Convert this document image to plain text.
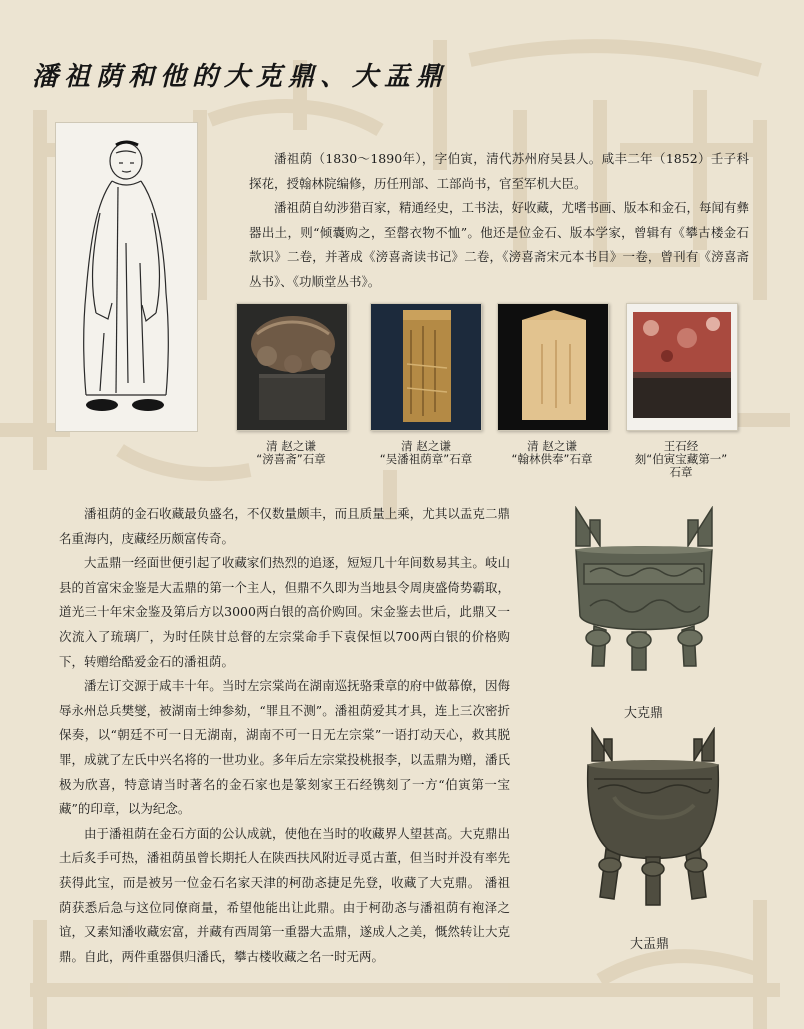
潘祖荫和他的大克鼎、大盂鼎

潘祖荫（1830～1890年），字伯寅，清代苏州府吴县人。咸丰二年（1852）壬子科探花，授翰林院编修，历任刑部、工部尚书，官至军机大臣。

潘祖荫自幼涉猎百家，精通经史，工书法，好收藏，尤嗜书画、版本和金石，每闻有彝器出土，则“倾囊购之，至罄衣物不恤”。他还是位金石、版本学家，曾辑有《攀古楼金石款识》二卷，并著成《滂喜斋读书记》二卷，《滂喜斋宋元本书目》一卷，曾刊有《滂喜斋丛书》、《功顺堂丛书》。

清 赵之谦
“滂喜斋”石章
清 赵之谦
“吴潘祖荫章”石章
清 赵之谦
“翰林供奉”石章
王石经
刻“伯寅宝藏第一”
石章

潘祖荫的金石收藏最负盛名，不仅数量颇丰，而且质量上乘，尤其以盂克二鼎名重海内，庋藏经历颇富传奇。

大盂鼎一经面世便引起了收藏家们热烈的追逐，短短几十年间数易其主。岐山县的首富宋金鉴是大盂鼎的第一个主人，但鼎不久即为当地县令周庚盛倚势霸取，道光三十年宋金鉴及第后方以3000两白银的高价购回。宋金鉴去世后，此鼎又一次流入了琉璃厂，为时任陕甘总督的左宗棠命手下袁保恒以700两白银的价格购下，转赠给酷爱金石的潘祖荫。

潘左订交源于咸丰十年。当时左宗棠尚在湖南巡抚骆秉章的府中做幕僚，因侮辱永州总兵樊燮，被湖南士绅参劾，“罪且不测”。潘祖荫爱其才具，连上三次密折保奏，以“朝廷不可一日无湖南，湖南不可一日无左宗棠”一语打动天心，救其脱罪，成就了左氏中兴名将的一世功业。多年后左宗棠投桃报李，以盂鼎为赠，潘氏极为欣喜，特意请当时著名的金石家也是篆刻家王石经镌刻了一方“伯寅第一宝藏”的印章，以为纪念。

由于潘祖荫在金石方面的公认成就，使他在当时的收藏界人望甚高。大克鼎出土后炙手可热，潘祖荫虽曾长期托人在陕西扶风附近寻觅古董，但当时并没有率先获得此宝，而是被另一位金石名家天津的柯劭忞捷足先登，收藏了大克鼎。 潘祖荫获悉后急与这位同僚商量，希望他能出让此鼎。由于柯劭忞与潘祖荫有袍泽之谊，又素知潘收藏宏富，并藏有西周第一重器大盂鼎，遂成人之美，慨然转让大克鼎。自此，两件重器俱归潘氏，攀古楼收藏之名一时无两。

大克鼎
大盂鼎
